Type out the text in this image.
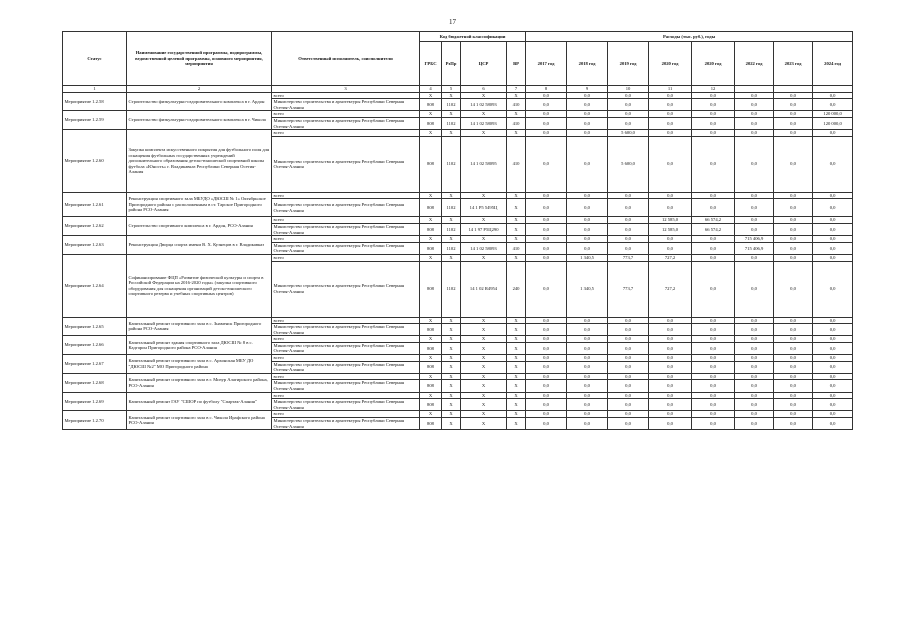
17
Статус	Наименование государственной программы, подпрограммы, ведомственной целевой программы, основного мероприятия, мероприятия	Ответственный исполнитель, соисполнители	Код бюджетной классификации				Расходы (тыс. руб.), годы							
			ГРБС	РзПр	ЦСР	ВР	2017 год	2018 год	2019 год	2020 год	2020 год	2022 год	2023 год	2024 год
1	2	3	4	5	6	7	8	9	10	11	12			
Мероприятие 1.2.58	Строительство физкультурно-оздоровительного комплекса в г. Ардон	всего	X	X	X	X	0,0	0,0	0,0	0,0	0,0	0,0	0,0	0,0
		Министерство строительства и архитектуры Республики Северная Осетия-Алания	808	1102	14 1 02 58093	410	0,0	0,0	0,0	0,0	0,0	0,0	0,0	0,0
Мероприятие 1.2.59	Строительство физкультурно-оздоровительного комплекса в г. Чикола	всего	X	X	X	X	0,0	0,0	0,0	0,0	0,0	0,0	0,0	120 000,0
		Министерство строительства и архитектуры Республики Северная Осетия-Алания	808	1102	14 1 02 58093	410	0,0	0,0	0,0	0,0	0,0	0,0	0,0	120 000,0
Мероприятие 1.2.60	Закупка комплекта искусственного покрытия для футбольного поля для оснащения футбольных государственных учреждений дополнительного образования детско-юношеской спортивной школы футбола «Юность» г. Владикавказ Республики Северная Осетия-Алания	всего	X	X	X	X	0,0	0,0	5 600,0	0,0	0,0	0,0	0,0	0,0
		Министерство строительства и архитектуры Республики Северная Осетия-Алания	808	1102	14 1 02 58095	410	0,0	0,0	5 600,0	0,0	0,0	0,0	0,0	0,0
Мероприятие 1.2.61	Реконструкция спортивного зала МБУДО «ДЮСШ № 1» Октябрьское Пригородного района с расположенным в ст. Тарское Пригородного района РСО-Алания	всего	X	X	X	X	0,0	0,0	0,0	0,0	0,0	0,0	0,0	0,0
		Министерство строительства и архитектуры Республики Северная Осетия-Алания	808	1102	14 1 P5 5495Ц	X	0,0	0,0	0,0	0,0	0,0	0,0	0,0	0,0
Мероприятие 1.2.62	Строительство спортивного комплекса в г. Ардон, РСО-Алания	всего	X	X	X	X	0,0	0,0	0,0	12 585,0	66 574,2	0,0	0,0	0,0
		Министерство строительства и архитектуры Республики Северная Осетия-Алания	808	1102	14 1 97 Р5Ц290	X	0,0	0,0	0,0	12 585,0	66 574,2	0,0	0,0	0,0
Мероприятие 1.2.63	Реконструкция Дворца спорта имени В. Х. Кузнецов в г. Владикавказ	всего	X	X	X	X	0,0	0,0	0,0	0,0	0,0	715 406,9	0,0	0,0
		Министерство строительства и архитектуры Республики Северная Осетия-Алания	808	1102	14 1 02 58093	410	0,0	0,0	0,0	0,0	0,0	715 406,9	0,0	0,0
Мероприятие 1.2.64	Софинансирование ФЦП «Развитие физической культуры и спорта в Российской Федерации на 2016-2020 годы» (закупка спортивного оборудования для оснащения организаций детско-юношеского спортивного резерва и учебных спортивных центров)	всего	X	X	X	X	0,0	1 340,5	773,7	727,2	0,0	0,0	0,0	0,0
		Министерство строительства и архитектуры Республики Северная Осетия-Алания	808	1102	14 1 02 R4954	240	0,0	1 340,5	773,7	727,2	0,0	0,0	0,0	0,0
Мероприятие 1.2.65	Капитальный ремонт спортивного зала в с. Знаменск Пригородного района РСО-Алания	всего	X	X	X	X	0,0	0,0	0,0	0,0	0,0	0,0	0,0	0,0
		Министерство строительства и архитектуры Республики Северная Осетия-Алания	808	X	X	X	0,0	0,0	0,0	0,0	0,0	0,0	0,0	0,0
Мероприятие 1.2.66	Капитальный ремонт здания спортивного зала ДЮСШ № 8 в с. Кадгарон Пригородного района РСО-Алания	всего	X	X	X	X	0,0	0,0	0,0	0,0	0,0	0,0	0,0	0,0
		Министерство строительства и архитектуры Республики Северная Осетия-Алания	808	X	X	X	0,0	0,0	0,0	0,0	0,0	0,0	0,0	0,0
Мероприятие 1.2.67	Капитальный ремонт спортивного зала в с. Архонская МБУ ДО "ДЮСШ №2" МО Пригородного района	всего	X	X	X	X	0,0	0,0	0,0	0,0	0,0	0,0	0,0	0,0
		Министерство строительства и архитектуры Республики Северная Осетия-Алания	808	X	X	X	0,0	0,0	0,0	0,0	0,0	0,0	0,0	0,0
Мероприятие 1.2.68	Капитальный ремонт спортивного зала в г. Мизур Алагирского района, РСО-Алания	всего	X	X	X	X	0,0	0,0	0,0	0,0	0,0	0,0	0,0	0,0
		Министерство строительства и архитектуры Республики Северная Осетия-Алания	808	X	X	X	0,0	0,0	0,0	0,0	0,0	0,0	0,0	0,0
Мероприятие 1.2.69	Капитальный ремонт ГАУ "СШОР по футболу "Спартак-Алания"	всего	X	X	X	X	0,0	0,0	0,0	0,0	0,0	0,0	0,0	0,0
		Министерство строительства и архитектуры Республики Северная Осетия-Алания	808	X	X	X	0,0	0,0	0,0	0,0	0,0	0,0	0,0	0,0
Мероприятие 1.2.70	Капитальный ремонт спортивного зала в с. Чикола Ирафского района РСО-Алания	всего	X	X	X	X	0,0	0,0	0,0	0,0	0,0	0,0	0,0	0,0
		Министерство строительства и архитектуры Республики Северная Осетия-Алания	808	X	X	X	0,0	0,0	0,0	0,0	0,0	0,0	0,0	0,0
